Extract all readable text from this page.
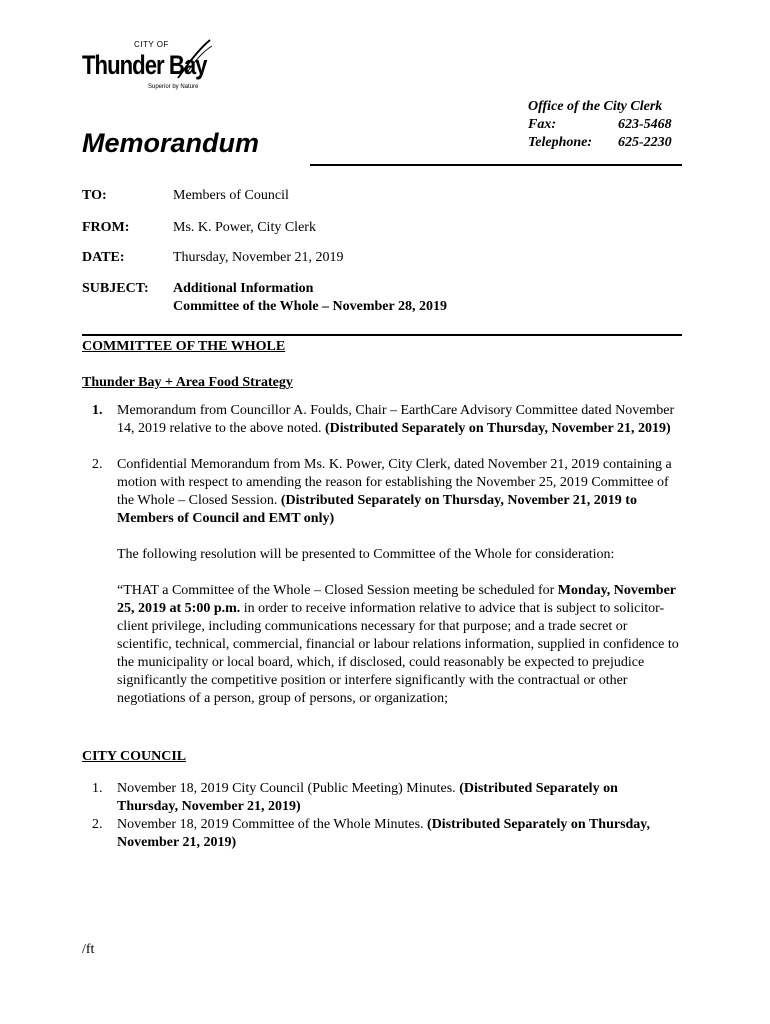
CITY OF
Thunder Bay
Superior by Nature
Memorandum
Office of the City Clerk
Fax:	623-5468
Telephone:	625-2230
TO:	Members of Council
FROM:	Ms. K. Power, City Clerk
DATE:	Thursday, November 21, 2019
SUBJECT: Additional Information
Committee of the Whole – November 28, 2019
COMMITTEE OF THE WHOLE
Thunder Bay + Area Food Strategy
1. Memorandum from Councillor A. Foulds, Chair – EarthCare Advisory Committee dated November 14, 2019 relative to the above noted. (Distributed Separately on Thursday, November 21, 2019)
2. Confidential Memorandum from Ms. K. Power, City Clerk, dated November 21, 2019 containing a motion with respect to amending the reason for establishing the November 25, 2019 Committee of the Whole – Closed Session. (Distributed Separately on Thursday, November 21, 2019 to Members of Council and EMT only)
The following resolution will be presented to Committee of the Whole for consideration:
“THAT a Committee of the Whole – Closed Session meeting be scheduled for Monday, November 25, 2019 at 5:00 p.m. in order to receive information relative to advice that is subject to solicitor-client privilege, including communications necessary for that purpose; and a trade secret or scientific, technical, commercial, financial or labour relations information, supplied in confidence to the municipality or local board, which, if disclosed, could reasonably be expected to prejudice significantly the competitive position or interfere significantly with the contractual or other negotiations of a person, group of persons, or organization;
CITY COUNCIL
1. November 18, 2019 City Council (Public Meeting) Minutes. (Distributed Separately on Thursday, November 21, 2019)
2. November 18, 2019 Committee of the Whole Minutes. (Distributed Separately on Thursday, November 21, 2019)
/ft
